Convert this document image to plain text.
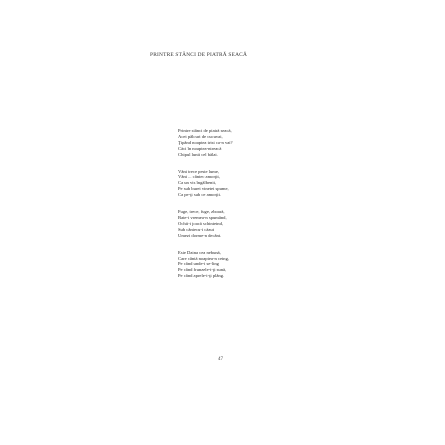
PRINTRE STÂNCI DE PIATRĂ SEACĂ
Printre stânci de piatră seacă,
Acei pâlcuri de cucuvai,
Ţipând noaptea trist ca-n vai?
Căci în noaptea-ntreacă
Chipul lunii cel bălai.
Vânt trece peste lume,
Vânt ... cântec amorţit,
Ca un vis îngălbenit,
Pe sub burei vinetei spume,
Ca pe-ţi sub ce amorţit.
Fuge, trece, fuge, zboară,
Bate-i vremea-n spumând,
Ochii-i joacă schinteind,
Sub cântecu-i căzut
Umezi dorme-n decânt.
Este Daina cea nebună,
Care cântă noaptea-n ceing,
Pe când unde-i se-ling
Pe când frunzele-i-ţi sună,
Pe când aprele-i-ţi plâng.
47
